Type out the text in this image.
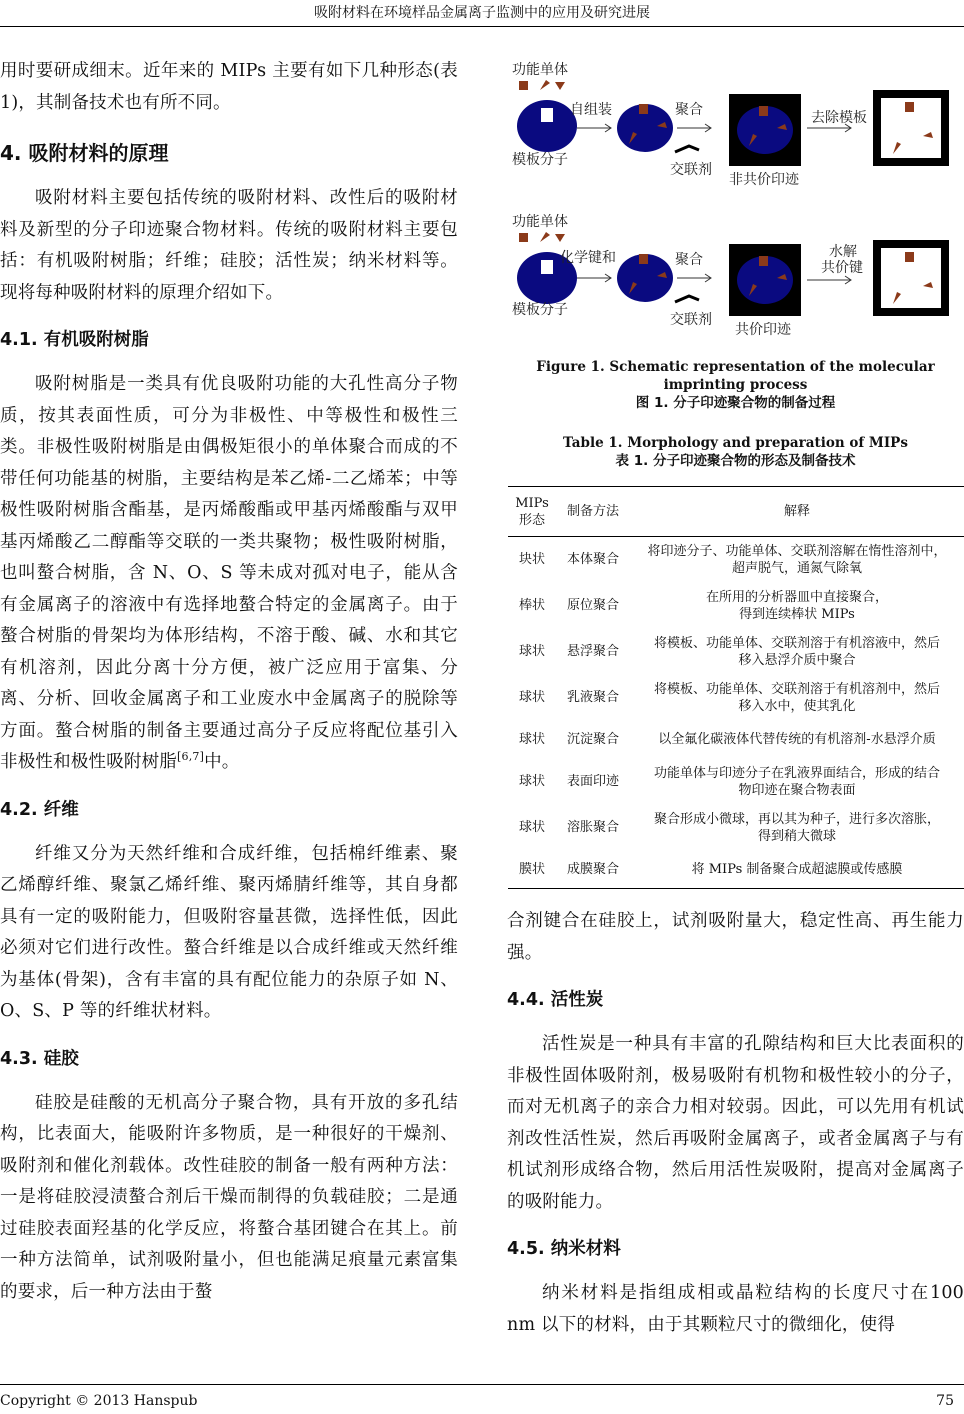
吸附材料在环境样品金属离子监测中的应用及研究进展

用时要研成细末。近年来的 MIPs 主要有如下几种形态(表 1)，其制备技术也有所不同。

4. 吸附材料的原理

吸附材料主要包括传统的吸附材料、改性后的吸附材料及新型的分子印迹聚合物材料。传统的吸附材料主要包括：有机吸附树脂；纤维；硅胶；活性炭；纳米材料等。现将每种吸附材料的原理介绍如下。

4.1. 有机吸附树脂

吸附树脂是一类具有优良吸附功能的大孔性高分子物质，按其表面性质，可分为非极性、中等极性和极性三类。非极性吸附树脂是由偶极矩很小的单体聚合而成的不带任何功能基的树脂，主要结构是苯乙烯-二乙烯苯；中等极性吸附树脂含酯基，是丙烯酸酯或甲基丙烯酸酯与双甲基丙烯酸乙二醇酯等交联的一类共聚物；极性吸附树脂，也叫螯合树脂，含 N、O、S 等未成对孤对电子，能从含有金属离子的溶液中有选择地螯合特定的金属离子。由于螯合树脂的骨架均为体形结构，不溶于酸、碱、水和其它有机溶剂，因此分离十分方便，被广泛应用于富集、分离、分析、回收金属离子和工业废水中金属离子的脱除等方面。螯合树脂的制备主要通过高分子反应将配位基引入非极性和极性吸附树脂[6,7]中。

4.2. 纤维

纤维又分为天然纤维和合成纤维，包括棉纤维素、聚乙烯醇纤维、聚氯乙烯纤维、聚丙烯腈纤维等，其自身都具有一定的吸附能力，但吸附容量甚微，选择性低，因此必须对它们进行改性。螯合纤维是以合成纤维或天然纤维为基体(骨架)，含有丰富的具有配位能力的杂原子如 N、O、S、P 等的纤维状材料。

4.3. 硅胶

硅胶是硅酸的无机高分子聚合物，具有开放的多孔结构，比表面大，能吸附许多物质，是一种很好的干燥剂、吸附剂和催化剂载体。改性硅胶的制备一般有两种方法：一是将硅胶浸渍螯合剂后干燥而制得的负载硅胶；二是通过硅胶表面羟基的化学反应，将螯合基团键合在其上。前一种方法简单，试剂吸附量小，但也能满足痕量元素富集的要求，后一种方法由于螯

功能单体
模板分子
自组装	聚合
交联剂
非共价印迹
去除模板
功能单体
模板分子
化学键和	聚合
交联剂
共价印迹
水解
共价键
Figure 1. Schematic representation of the molecular imprinting process
图 1. 分子印迹聚合物的制备过程
Table 1. Morphology and preparation of MIPs
表 1. 分子印迹聚合物的形态及制备技术
MIPs
形态	制备方法	解释
块状	本体聚合	将印迹分子、功能单体、交联剂溶解在惰性溶剂中，
超声脱气，通氮气除氧

棒状	原位聚合	在所用的分析器皿中直接聚合，
得到连续棒状 MIPs

球状	悬浮聚合	将模板、功能单体、交联剂溶于有机溶液中，然后
移入悬浮介质中聚合

球状	乳液聚合	将模板、功能单体、交联剂溶于有机溶剂中，然后
移入水中，使其乳化

球状	沉淀聚合	以全氟化碳液体代替传统的有机溶剂-水悬浮介质

球状	表面印迹	功能单体与印迹分子在乳液界面结合，形成的结合
物印迹在聚合物表面

球状	溶胀聚合	聚合形成小微球，再以其为种子，进行多次溶胀，
得到稍大微球

膜状	成膜聚合	将 MIPs 制备聚合成超滤膜或传感膜

合剂键合在硅胶上，试剂吸附量大，稳定性高、再生能力强。

4.4. 活性炭

活性炭是一种具有丰富的孔隙结构和巨大比表面积的非极性固体吸附剂，极易吸附有机物和极性较小的分子，而对无机离子的亲合力相对较弱。因此，可以先用有机试剂改性活性炭，然后再吸附金属离子，或者金属离子与有机试剂形成络合物，然后用活性炭吸附，提高对金属离子的吸附能力。

4.5. 纳米材料

纳米材料是指组成相或晶粒结构的长度尺寸在100 nm 以下的材料，由于其颗粒尺寸的微细化，使得

Copyright © 2013 Hanspub	75
